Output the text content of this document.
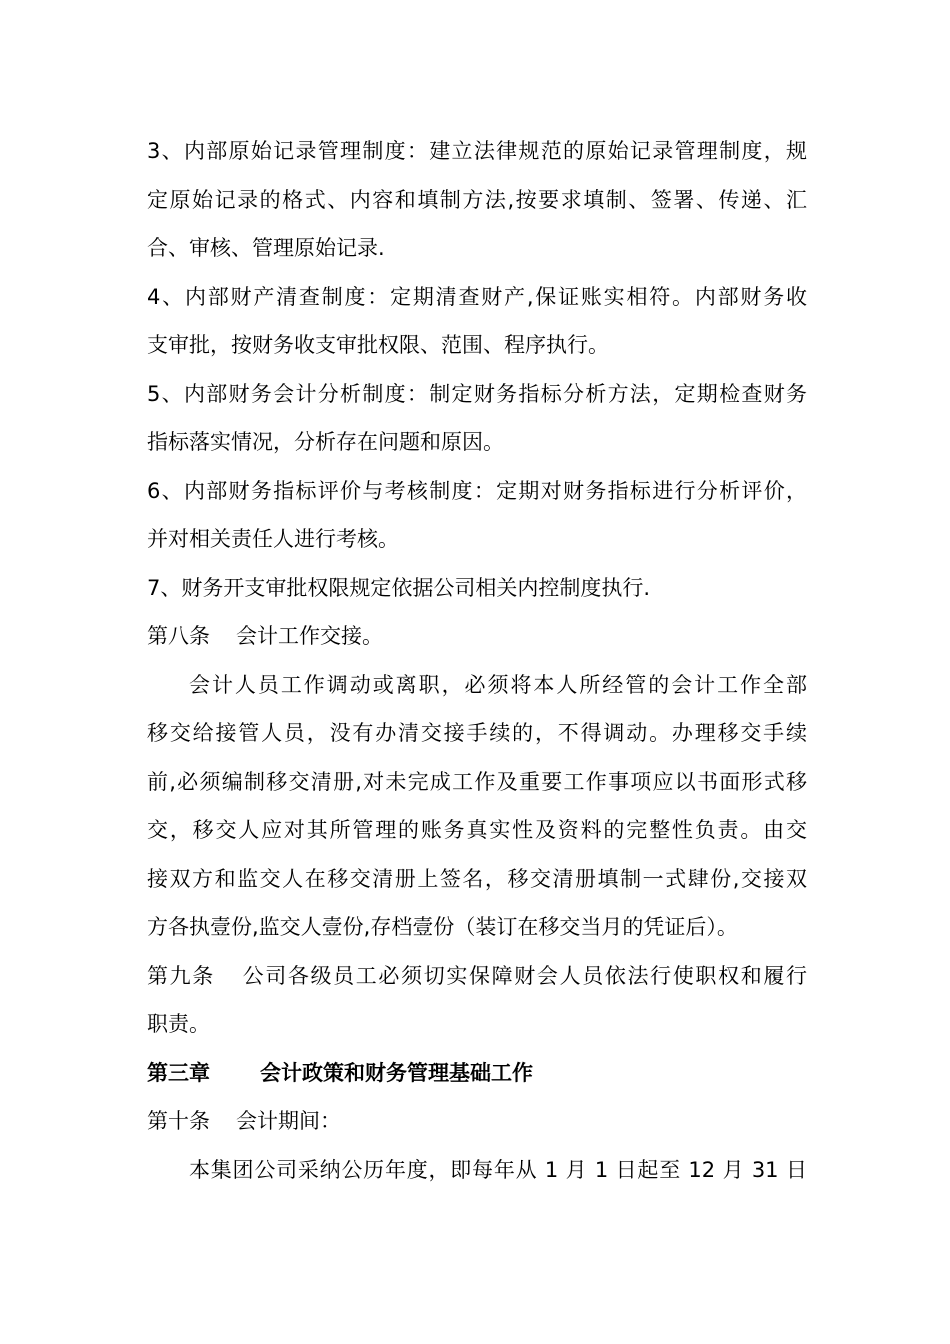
3、内部原始记录管理制度：建立法律规范的原始记录管理制度，规
定原始记录的格式、内容和填制方法,按要求填制、签署、传递、汇
合、审核、管理原始记录.
4、内部财产清查制度：定期清查财产,保证账实相符。内部财务收
支审批，按财务收支审批权限、范围、程序执行。
5、内部财务会计分析制度：制定财务指标分析方法，定期检查财务
指标落实情况，分析存在问题和原因。
6、内部财务指标评价与考核制度：定期对财务指标进行分析评价，
并对相关责任人进行考核。
7、财务开支审批权限规定依据公司相关内控制度执行.
第八条 会计工作交接。
会计人员工作调动或离职，必须将本人所经管的会计工作全部
移交给接管人员，没有办清交接手续的，不得调动。办理移交手续
前,必须编制移交清册,对未完成工作及重要工作事项应以书面形式移
交，移交人应对其所管理的账务真实性及资料的完整性负责。由交
接双方和监交人在移交清册上签名，移交清册填制一式肆份,交接双
方各执壹份,监交人壹份,存档壹份（装订在移交当月的凭证后）。
第九条 公司各级员工必须切实保障财会人员依法行使职权和履行
职责。
第三章 会计政策和财务管理基础工作
第十条 会计期间：
本集团公司采纳公历年度，即每年从 1 月 1 日起至 12 月 31 日
